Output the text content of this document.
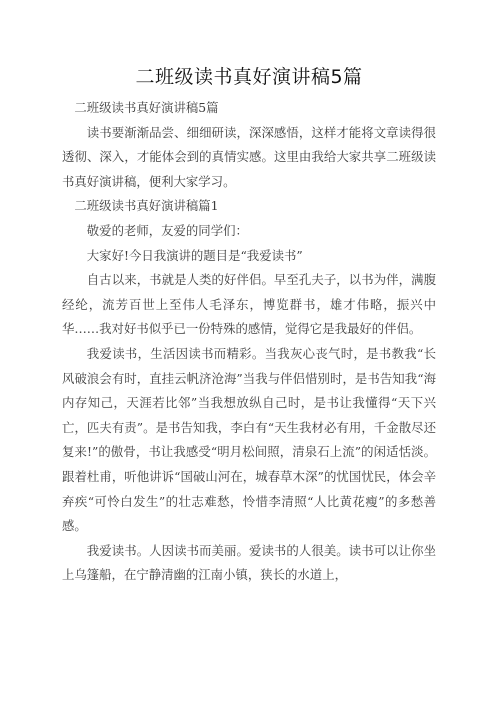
二班级读书真好演讲稿5篇

二班级读书真好演讲稿5篇

读书要渐渐品尝、细细研读，深深感悟，这样才能将文章读得很透彻、深入，才能体会到的真情实感。这里由我给大家共享二班级读书真好演讲稿，便利大家学习。

二班级读书真好演讲稿篇1

敬爱的老师，友爱的同学们：

大家好!今日我演讲的题目是“我爱读书”

自古以来，书就是人类的好伴侣。早至孔夫子，以书为伴，满腹经纶，流芳百世上至伟人毛泽东，博览群书，雄才伟略，振兴中华……我对好书似乎已一份特殊的感情，觉得它是我最好的伴侣。

我爱读书，生活因读书而精彩。当我灰心丧气时，是书教我“长风破浪会有时，直挂云帆济沧海”当我与伴侣惜别时，是书告知我“海内存知己，天涯若比邻”当我想放纵自己时，是书让我懂得“天下兴亡，匹夫有责”。是书告知我，李白有“天生我材必有用，千金散尽还复来!”的傲骨，书让我感受“明月松间照，清泉石上流”的闲适恬淡。跟着杜甫，听他讲诉“国破山河在，城春草木深”的忧国忧民，体会辛弃疾“可怜白发生”的壮志难愁，怜惜李清照“人比黄花瘦”的多愁善感。

我爱读书。人因读书而美丽。爱读书的人很美。读书可以让你坐上乌篷船，在宁静清幽的江南小镇，狭长的水道上，
